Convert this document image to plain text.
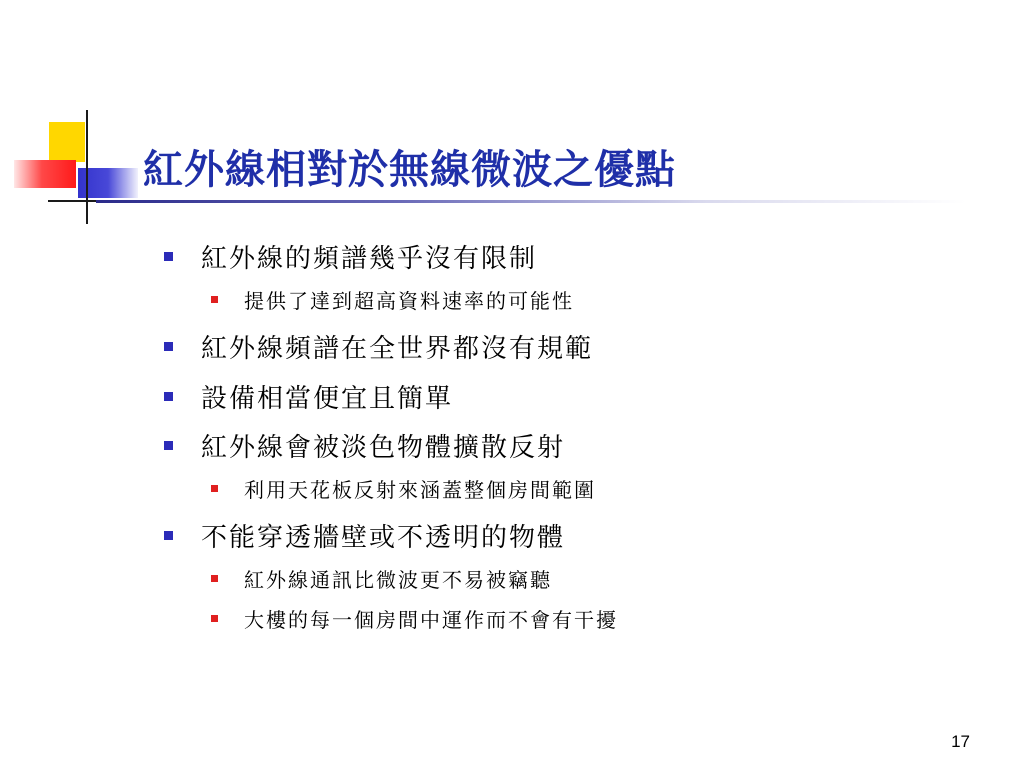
紅外線相對於無線微波之優點
紅外線的頻譜幾乎沒有限制
提供了達到超高資料速率的可能性
紅外線頻譜在全世界都沒有規範
設備相當便宜且簡單
紅外線會被淡色物體擴散反射
利用天花板反射來涵蓋整個房間範圍
不能穿透牆壁或不透明的物體
紅外線通訊比微波更不易被竊聽
大樓的每一個房間中運作而不會有干擾
17
